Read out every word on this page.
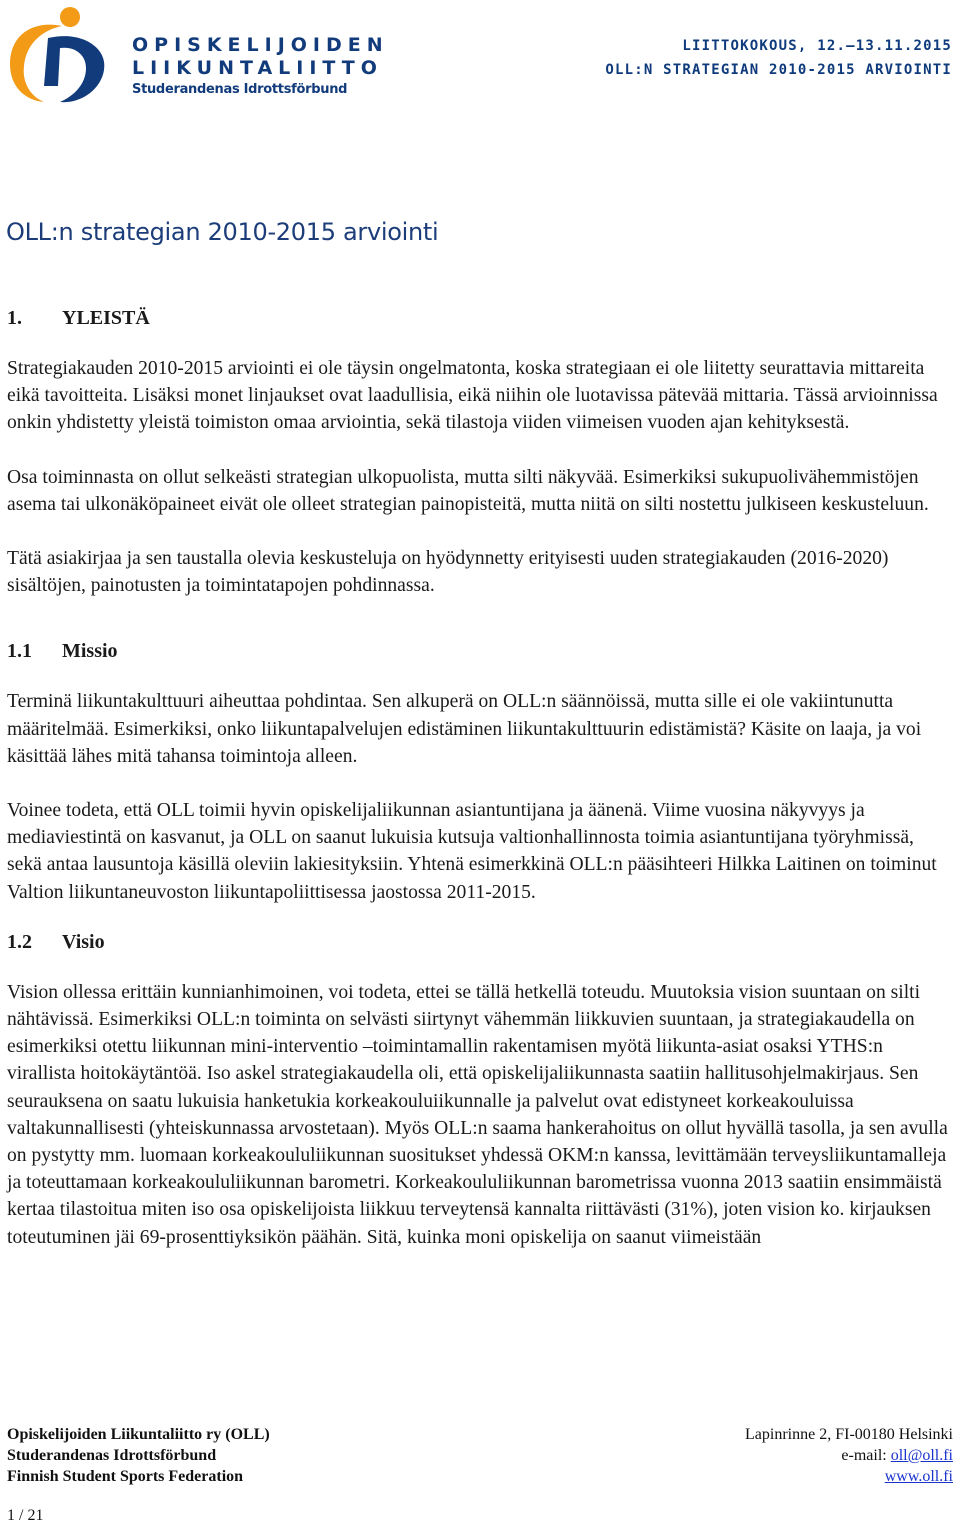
OPISKELIJOIDEN
LIIKUNTALIITTO
Studerandenas Idrottsförbund
LIITTOKOKOUS, 12.—13.11.2015
OLL:N STRATEGIAN 2010-2015 ARVIOINTI
OLL:n strategian 2010-2015 arviointi
1. YLEISTÄ

Strategiakauden 2010-2015 arviointi ei ole täysin ongelmatonta, koska strategiaan ei ole liitetty seurattavia mittareita eikä tavoitteita. Lisäksi monet linjaukset ovat laadullisia, eikä niihin ole luotavissa pätevää mittaria. Tässä arvioinnissa onkin yhdistetty yleistä toimiston omaa arviointia, sekä tilastoja viiden viimeisen vuoden ajan kehityksestä.

Osa toiminnasta on ollut selkeästi strategian ulkopuolista, mutta silti näkyvää. Esimerkiksi sukupuolivähemmistöjen asema tai ulkonäköpaineet eivät ole olleet strategian painopisteitä, mutta niitä on silti nostettu julkiseen keskusteluun.

Tätä asiakirjaa ja sen taustalla olevia keskusteluja on hyödynnetty erityisesti uuden strategiakauden (2016-2020) sisältöjen, painotusten ja toimintatapojen pohdinnassa.

1.1 Missio

Terminä liikuntakulttuuri aiheuttaa pohdintaa. Sen alkuperä on OLL:n säännöissä, mutta sille ei ole vakiintunutta määritelmää. Esimerkiksi, onko liikuntapalvelujen edistäminen liikuntakulttuurin edistämistä? Käsite on laaja, ja voi käsittää lähes mitä tahansa toimintoja alleen.

Voinee todeta, että OLL toimii hyvin opiskelijaliikunnan asiantuntijana ja äänenä. Viime vuosina näkyvyys ja mediaviestintä on kasvanut, ja OLL on saanut lukuisia kutsuja valtionhallinnosta toimia asiantuntijana työryhmissä, sekä antaa lausuntoja käsillä oleviin lakiesityksiin. Yhtenä esimerkkinä OLL:n pääsihteeri Hilkka Laitinen on toiminut Valtion liikuntaneuvoston liikuntapoliittisessa jaostossa 2011-2015.

1.2 Visio

Vision ollessa erittäin kunnianhimoinen, voi todeta, ettei se tällä hetkellä toteudu. Muutoksia vision suuntaan on silti nähtävissä. Esimerkiksi OLL:n toiminta on selvästi siirtynyt vähemmän liikkuvien suuntaan, ja strategiakaudella on esimerkiksi otettu liikunnan mini-interventio –toimintamallin rakentamisen myötä liikunta-asiat osaksi YTHS:n virallista hoitokäytäntöä. Iso askel strategiakaudella oli, että opiskelijaliikunnasta saatiin hallitusohjelmakirjaus. Sen seurauksena on saatu lukuisia hanketukia korkeakouluiikunnalle ja palvelut ovat edistyneet korkeakouluissa valtakunnallisesti (yhteiskunnassa arvostetaan). Myös OLL:n saama hankerahoitus on ollut hyvällä tasolla, ja sen avulla on pystytty mm. luomaan korkeakoululiikunnan suositukset yhdessä OKM:n kanssa, levittämään terveysliikuntamalleja ja toteuttamaan korkeakoululiikunnan barometri. Korkeakoululiikunnan barometrissa vuonna 2013 saatiin ensimmäistä kertaa tilastoitua miten iso osa opiskelijoista liikkuu terveytensä kannalta riittävästi (31%), joten vision ko. kirjauksen toteutuminen jäi 69-prosenttiyksikön päähän. Sitä, kuinka moni opiskelija on saanut viimeistään

Opiskelijoiden Liikuntaliitto ry (OLL)
Studerandenas Idrottsförbund
Finnish Student Sports Federation
Lapinrinne 2, FI-00180 Helsinki
e-mail: oll@oll.fi
www.oll.fi
1 / 21
